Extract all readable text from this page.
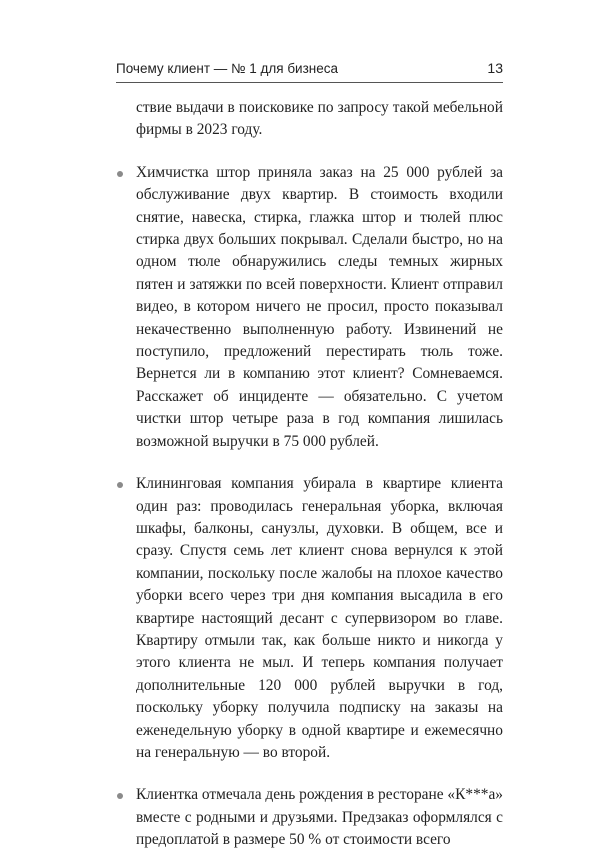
Почему клиент — № 1 для бизнеса	13

ствие выдачи в поисковике по запросу такой мебельной фирмы в 2023 году.

Химчистка штор приняла заказ на 25 000 рублей за обслуживание двух квартир. В стоимость входили снятие, навеска, стирка, глажка штор и тюлей плюс стирка двух больших покрывал. Сделали быстро, но на одном тюле обнаружились следы темных жирных пятен и затяжки по всей поверхности. Клиент отправил видео, в котором ничего не просил, просто показывал некачественно выполненную работу. Извинений не поступило, предложений перестирать тюль тоже. Вернется ли в компанию этот клиент? Сомневаемся. Расскажет об инциденте — обязательно. С учетом чистки штор четыре раза в год компания лишилась возможной выручки в 75 000 рублей.

Клининговая компания убирала в квартире клиента один раз: проводилась генеральная уборка, включая шкафы, балконы, санузлы, духовки. В общем, все и сразу. Спустя семь лет клиент снова вернулся к этой компании, поскольку после жалобы на плохое качество уборки всего через три дня компания высадила в его квартире настоящий десант с супервизором во главе. Квартиру отмыли так, как больше никто и никогда у этого клиента не мыл. И теперь компания получает дополнительные 120 000 рублей выручки в год, поскольку уборку получила подписку на заказы на еженедельную уборку в одной квартире и ежемесячно на генеральную — во второй.

Клиентка отмечала день рождения в ресторане «К***а» вместе с родными и друзьями. Предзаказ оформлялся с предоплатой в размере 50 % от стоимости всего
